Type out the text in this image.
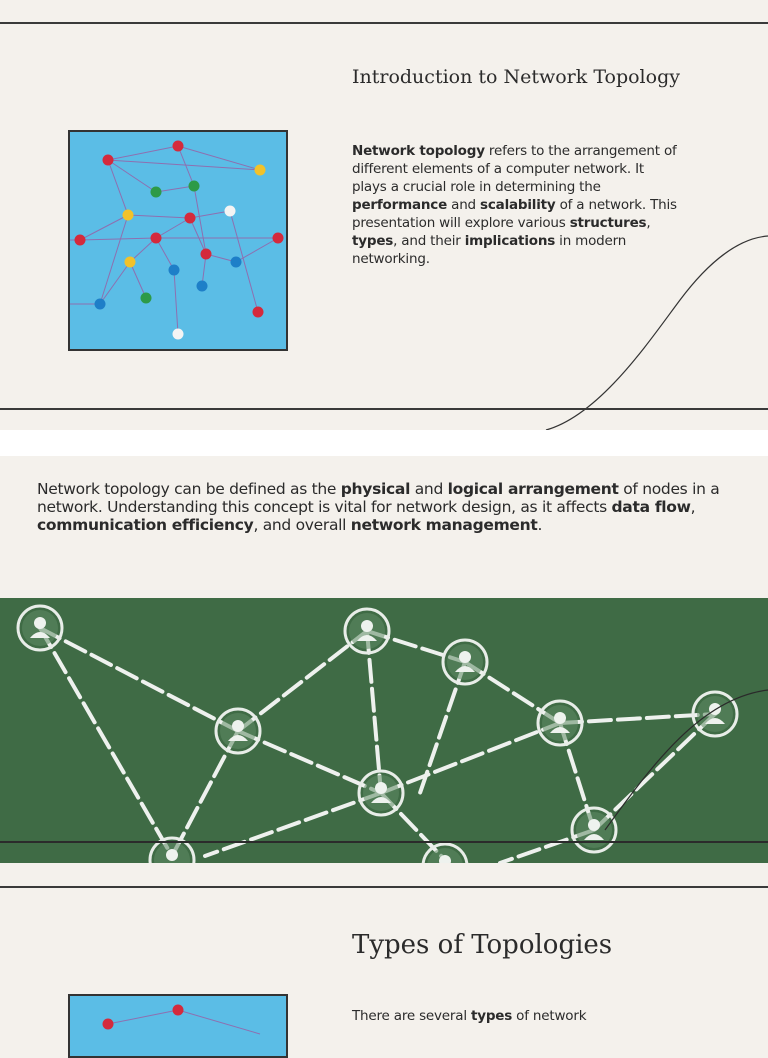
Introduction to Network Topology

Network topology refers to the arrangement of different elements of a computer network. It plays a crucial role in determining the performance and scalability of a network. This presentation will explore various structures, types, and their implications in modern networking.

Network topology can be defined as the physical and logical arrangement of nodes in a network. Understanding this concept is vital for network design, as it affects data flow, communication efficiency, and overall network management.

Types of Topologies

There are several types of network
